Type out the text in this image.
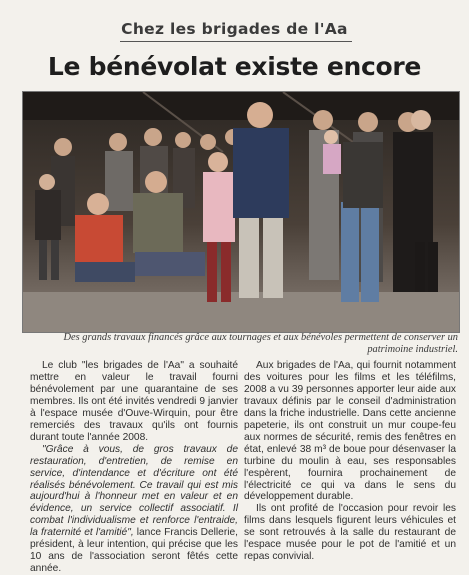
Chez les brigades de l'Aa
Le bénévolat existe encore
Des grands travaux financés grâce aux tournages et aux bénévoles permettent de conserver un
patrimoine industriel.

Le club "les brigades de l'Aa" a souhaité mettre en valeur le travail fourni bénévolement par une quarantaine de ses membres. Ils ont été invités vendredi 9 janvier à l'espace musée d'Ouve-Wirquin, pour être remerciés des travaux qu'ils ont fournis durant toute l'année 2008.

"Grâce à vous, de gros travaux de restauration, d'entretien, de remise en service, d'intendance et d'écriture ont été réalisés bénévolement. Ce travail qui est mis aujourd'hui à l'honneur met en valeur et en évidence, un service collectif associatif. Il combat l'individualisme et renforce l'entraide, la fraternité et l'amitié", lance Francis Dellerie, président, à leur intention, qui précise que les 10 ans de l'association seront fêtés cette année.

Aux brigades de l'Aa, qui fournit notamment des voitures pour les films et les téléfilms, 2008 a vu 39 personnes apporter leur aide aux travaux définis par le conseil d'administration dans la friche industrielle. Dans cette ancienne papeterie, ils ont construit un mur coupe-feu aux normes de sécurité, remis des fenêtres en état, enlevé 38 m³ de boue pour désenvaser la turbine du moulin à eau, ses responsables l'espèrent, fournira prochainement de l'électricité ce qui va dans le sens du développement durable.

Ils ont profité de l'occasion pour revoir les films dans lesquels figurent leurs véhicules et se sont retrouvés à la salle du restaurant de l'espace musée pour le pot de l'amitié et un repas convivial.
